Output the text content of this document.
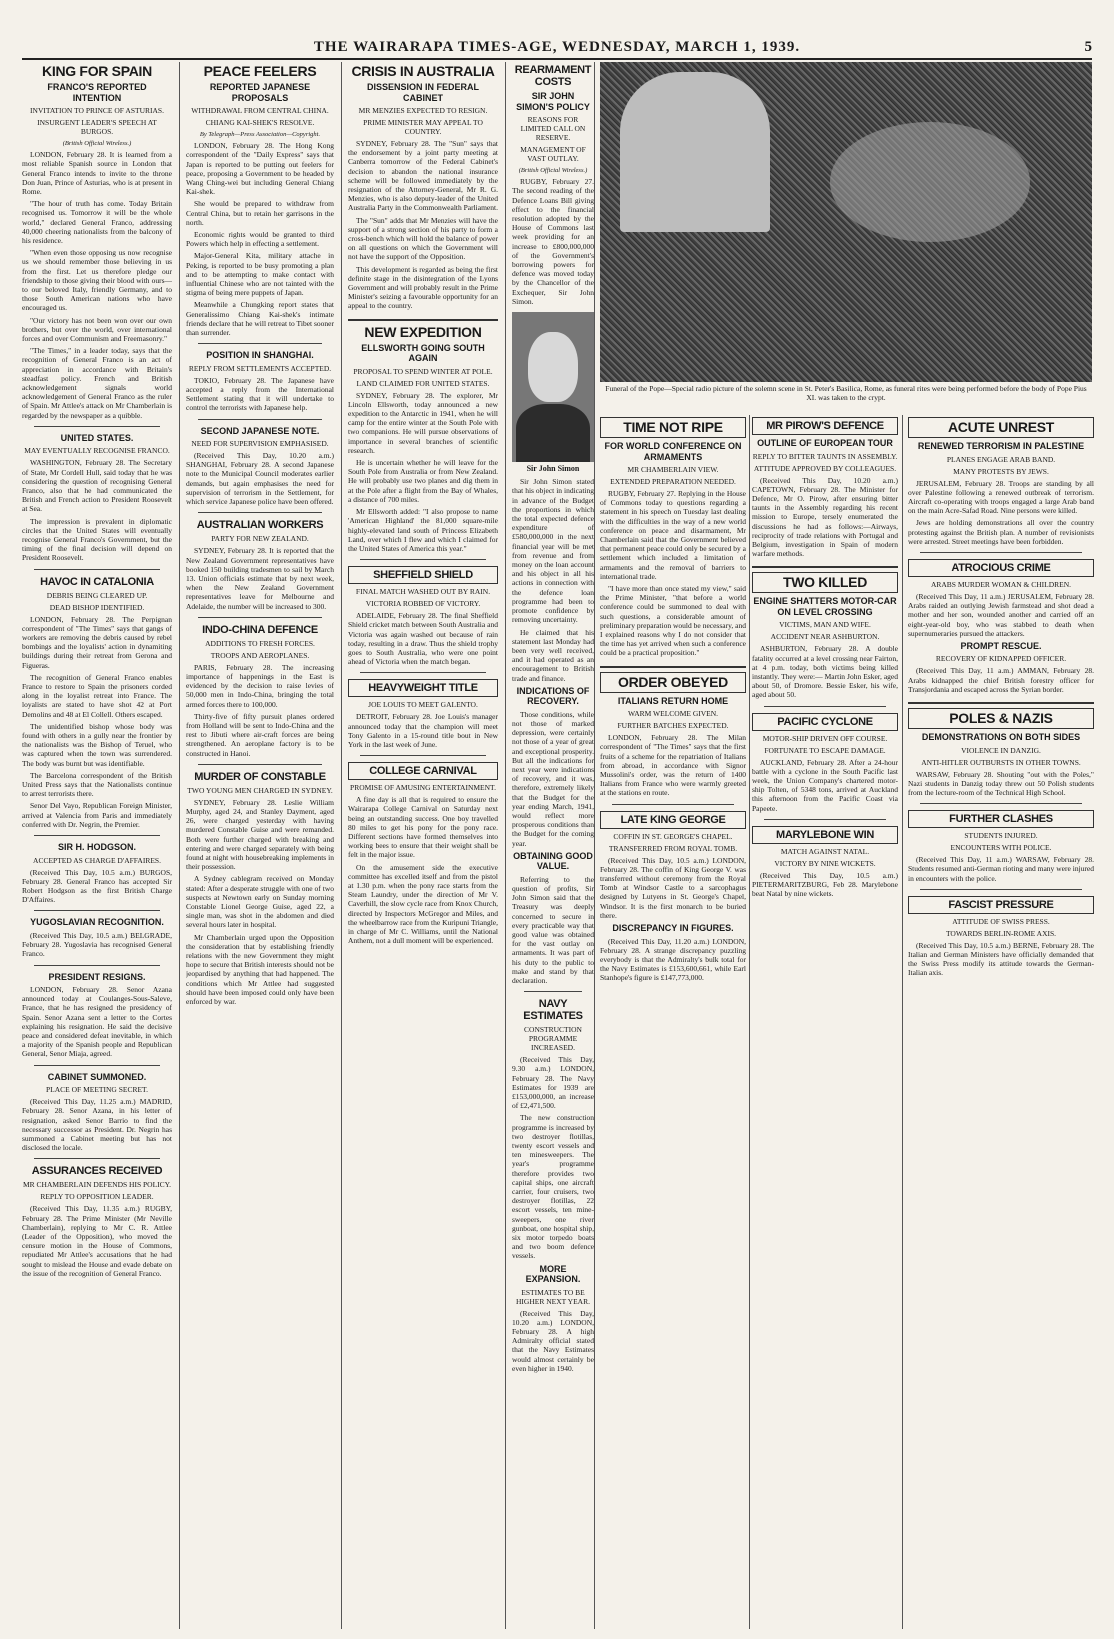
THE WAIRARAPA TIMES-AGE, WEDNESDAY, MARCH 1, 1939.	5
KING FOR SPAIN
FRANCO'S REPORTED INTENTION
INVITATION TO PRINCE OF ASTURIAS.
INSURGENT LEADER'S SPEECH AT BURGOS.
(British Official Wireless.)

LONDON, February 28. It is learned from a most reliable Spanish source in London that General Franco intends to invite to the throne Don Juan, Prince of Asturias, who is at present in Rome.

"The hour of truth has come. Today Britain recognised us. Tomorrow it will be the whole world," declared General Franco, addressing 40,000 cheering nationalists from the balcony of his residence.

"When even those opposing us now recognise us we should remember those believing in us from the first. Let us therefore pledge our friendship to those giving their blood with ours—to our beloved Italy, friendly Germany, and to those South American nations who have encouraged us.

"Our victory has not been won over our own brothers, but over the world, over international forces and over Communism and Freemasonry."

"The Times," in a leader today, says that the recognition of General Franco is an act of appreciation in accordance with Britain's steadfast policy. French and British acknowledgement signals world acknowledgement of General Franco as the ruler of Spain. Mr Attlee's attack on Mr Chamberlain is regarded by the newspaper as a quibble.

UNITED STATES.
MAY EVENTUALLY RECOGNISE FRANCO.

WASHINGTON, February 28. The Secretary of State, Mr Cordell Hull, said today that he was considering the question of recognising General Franco, also that he had communicated the British and French action to President Roosevelt at Sea.

The impression is prevalent in diplomatic circles that the United States will eventually recognise General Franco's Government, but the timing of the final decision will depend on President Roosevelt.

HAVOC IN CATALONIA
DEBRIS BEING CLEARED UP.
DEAD BISHOP IDENTIFIED.

LONDON, February 28. The Perpignan correspondent of "The Times" says that gangs of workers are removing the debris caused by rebel bombings and the loyalists' action in dynamiting buildings during their retreat from Gerona and Figueras.

The recognition of General Franco enables France to restore to Spain the prisoners corded along in the loyalist retreat into France. The loyalists are stated to have shot 42 at Port Demolins and 48 at El Collell. Others escaped.

The unidentified bishop whose body was found with others in a gully near the frontier by the nationalists was the Bishop of Teruel, who was captured when the town was surrendered. The body was burnt but was identifiable.

The Barcelona correspondent of the British United Press says that the Nationalists continue to arrest terrorists there.

Senor Del Vayo, Republican Foreign Minister, arrived at Valencia from Paris and immediately conferred with Dr. Negrin, the Premier.

SIR H. HODGSON.
ACCEPTED AS CHARGE D'AFFAIRES.

(Received This Day, 10.5 a.m.) BURGOS, February 28. General Franco has accepted Sir Robert Hodgson as the first British Charge D'Affaires.

YUGOSLAVIAN RECOGNITION.

(Received This Day, 10.5 a.m.) BELGRADE, February 28. Yugoslavia has recognised General Franco.

PRESIDENT RESIGNS.

LONDON, February 28. Senor Azana announced today at Coulanges-Sous-Saleve, France, that he has resigned the presidency of Spain. Senor Azana sent a letter to the Cortes explaining his resignation. He said the decisive peace and considered defeat inevitable, in which a majority of the Spanish people and Republican General, Senor Miaja, agreed.

CABINET SUMMONED.
PLACE OF MEETING SECRET.

(Received This Day, 11.25 a.m.) MADRID, February 28. Senor Azana, in his letter of resignation, asked Senor Barrio to find the necessary successor as President. Dr. Negrin has summoned a Cabinet meeting but has not disclosed the locale.

ASSURANCES RECEIVED
MR CHAMBERLAIN DEFENDS HIS POLICY.
REPLY TO OPPOSITION LEADER.

(Received This Day, 11.35 a.m.) RUGBY, February 28. The Prime Minister (Mr Neville Chamberlain), replying to Mr C. R. Attlee (Leader of the Opposition), who moved the censure motion in the House of Commons, repudiated Mr Attlee's accusations that he had sought to mislead the House and evade debate on the issue of the recognition of General Franco.

PEACE FEELERS
REPORTED JAPANESE PROPOSALS
WITHDRAWAL FROM CENTRAL CHINA.
CHIANG KAI-SHEK'S RESOLVE.
By Telegraph—Press Association—Copyright.

LONDON, February 28. The Hong Kong correspondent of the "Daily Express" says that Japan is reported to be putting out feelers for peace, proposing a Government to be headed by Wang Ching-wei but including General Chiang Kai-shek.

She would be prepared to withdraw from Central China, but to retain her garrisons in the north.

Economic rights would be granted to third Powers which help in effecting a settlement.

Major-General Kita, military attache in Peking, is reported to be busy promoting a plan and to be attempting to make contact with influential Chinese who are not tainted with the stigma of being mere puppets of Japan.

Meanwhile a Chungking report states that Generalissimo Chiang Kai-shek's intimate friends declare that he will retreat to Tibet sooner than surrender.

POSITION IN SHANGHAI.
REPLY FROM SETTLEMENTS ACCEPTED.

TOKIO, February 28. The Japanese have accepted a reply from the International Settlement stating that it will undertake to control the terrorists with Japanese help.

SECOND JAPANESE NOTE.
NEED FOR SUPERVISION EMPHASISED.

(Received This Day, 10.20 a.m.) SHANGHAI, February 28. A second Japanese note to the Municipal Council moderates earlier demands, but again emphasises the need for supervision of terrorism in the Settlement, for which service Japanese police have been offered.

AUSTRALIAN WORKERS
PARTY FOR NEW ZEALAND.

SYDNEY, February 28. It is reported that the New Zealand Government representatives have booked 150 building tradesmen to sail by March 13. Union officials estimate that by next week, when the New Zealand Government representatives leave for Melbourne and Adelaide, the number will be increased to 300.

INDO-CHINA DEFENCE
ADDITIONS TO FRESH FORCES.
TROOPS AND AEROPLANES.

PARIS, February 28. The increasing importance of happenings in the East is evidenced by the decision to raise levies of 50,000 men in Indo-China, bringing the total armed forces there to 100,000.

Thirty-five of fifty pursuit planes ordered from Holland will be sent to Indo-China and the rest to Jibuti where air-craft forces are being strengthened. An aeroplane factory is to be constructed in Hanoi.

MURDER OF CONSTABLE
TWO YOUNG MEN CHARGED IN SYDNEY.

SYDNEY, February 28. Leslie William Murphy, aged 24, and Stanley Dayment, aged 26, were charged yesterday with having murdered Constable Guise and were remanded. Both were further charged with breaking and entering and were charged separately with being found at night with housebreaking implements in their possession.

A Sydney cablegram received on Monday stated: After a desperate struggle with one of two suspects at Newtown early on Sunday morning Constable Lionel George Guise, aged 22, a single man, was shot in the abdomen and died several hours later in hospital.

Mr Chamberlain urged upon the Opposition the consideration that by establishing friendly relations with the new Government they might hope to secure that British interests should not be jeopardised by anything that had happened. The conditions which Mr Attlee had suggested should have been imposed could only have been enforced by war.

CRISIS IN AUSTRALIA
DISSENSION IN FEDERAL CABINET
MR MENZIES EXPECTED TO RESIGN.
PRIME MINISTER MAY APPEAL TO COUNTRY.

SYDNEY, February 28. The "Sun" says that the endorsement by a joint party meeting at Canberra tomorrow of the Federal Cabinet's decision to abandon the national insurance scheme will be followed immediately by the resignation of the Attorney-General, Mr R. G. Menzies, who is also deputy-leader of the United Australia Party in the Commonwealth Parliament.

The "Sun" adds that Mr Menzies will have the support of a strong section of his party to form a cross-bench which will hold the balance of power on all questions on which the Government will not have the support of the Opposition.

This development is regarded as being the first definite stage in the disintegration of the Lyons Government and will probably result in the Prime Minister's seizing a favourable opportunity for an appeal to the country.

NEW EXPEDITION
ELLSWORTH GOING SOUTH AGAIN
PROPOSAL TO SPEND WINTER AT POLE.
LAND CLAIMED FOR UNITED STATES.

SYDNEY, February 28. The explorer, Mr Lincoln Ellsworth, today announced a new expedition to the Antarctic in 1941, when he will camp for the entire winter at the South Pole with two companions. He will pursue observations of importance in several branches of scientific research.

He is uncertain whether he will leave for the South Pole from Australia or from New Zealand. He will probably use two planes and dig them in at the Pole after a flight from the Bay of Whales, a distance of 700 miles.

Mr Ellsworth added: "I also propose to name 'American Highland' the 81,000 square-mile highly-elevated land south of Princess Elizabeth Land, over which I flew and which I claimed for the United States of America this year."

SHEFFIELD SHIELD
FINAL MATCH WASHED OUT BY RAIN.
VICTORIA ROBBED OF VICTORY.

ADELAIDE, February 28. The final Sheffield Shield cricket match between South Australia and Victoria was again washed out because of rain today, resulting in a draw. Thus the shield trophy goes to South Australia, who were one point ahead of Victoria when the match began.

HEAVYWEIGHT TITLE
JOE LOUIS TO MEET GALENTO.

DETROIT, February 28. Joe Louis's manager announced today that the champion will meet Tony Galento in a 15-round title bout in New York in the last week of June.

COLLEGE CARNIVAL
PROMISE OF AMUSING ENTERTAINMENT.

A fine day is all that is required to ensure the Wairarapa College Carnival on Saturday next being an outstanding success. One boy travelled 80 miles to get his pony for the pony race. Different sections have formed themselves into working bees to ensure that their weight shall be felt in the major issue.

On the amusement side the executive committee has excelled itself and from the pistol at 1.30 p.m. when the pony race starts from the Steam Laundry, under the direction of Mr V. Caverhill, the slow cycle race from Knox Church, directed by Inspectors McGregor and Miles, and the wheelbarrow race from the Kuripuni Triangle, in charge of Mr C. Williams, until the National Anthem, not a dull moment will be experienced.

REARMAMENT COSTS
SIR JOHN SIMON'S POLICY
REASONS FOR LIMITED CALL ON RESERVE.
MANAGEMENT OF VAST OUTLAY.
(British Official Wireless.)

RUGBY, February 27. The second reading of the Defence Loans Bill giving effect to the financial resolution adopted by the House of Commons last week providing for an increase to £800,000,000 of the Government's borrowing powers for defence was moved today by the Chancellor of the Exchequer, Sir John Simon.

Sir John Simon

Sir John Simon stated that his object in indicating in advance of the Budget the proportions in which the total expected defence expenditure of £580,000,000 in the next financial year will be met from revenue and from money on the loan account and his object in all his actions in connection with the defence loan programme had been to promote confidence by removing uncertainty.

He claimed that his statement last Monday had been very well received, and it had operated as an encouragement to British trade and finance.

INDICATIONS OF RECOVERY.

Those conditions, while not those of marked depression, were certainly not those of a year of great and exceptional prosperity. But all the indications for next year were indications of recovery, and it was, therefore, extremely likely that the Budget for the year ending March, 1941, would reflect more prosperous conditions than the Budget for the coming year.

OBTAINING GOOD VALUE.

Referring to the question of profits, Sir John Simon said that the Treasury was deeply concerned to secure in every practicable way that good value was obtained for the vast outlay on armaments. It was part of his duty to the public to make and stand by that declaration.

NAVY ESTIMATES
CONSTRUCTION PROGRAMME INCREASED.

(Received This Day, 9.30 a.m.) LONDON, February 28. The Navy Estimates for 1939 are £153,000,000, an increase of £2,471,500.

The new construction programme is increased by two destroyer flotillas, twenty escort vessels and ten minesweepers. The year's programme therefore provides two capital ships, one aircraft carrier, four cruisers, two destroyer flotillas, 22 escort vessels, ten mine-sweepers, one river gunboat, one hospital ship, six motor torpedo boats and two boom defence vessels.

MORE EXPANSION.
ESTIMATES TO BE HIGHER NEXT YEAR.

(Received This Day, 10.20 a.m.) LONDON, February 28. A high Admiralty official stated that the Navy Estimates would almost certainly be even higher in 1940.

Funeral of the Pope—Special radio picture of the solemn scene in St. Peter's Basilica, Rome, as funeral rites were being performed before the body of Pope Pius XI. was taken to the crypt.
TIME NOT RIPE
FOR WORLD CONFERENCE ON ARMAMENTS
MR CHAMBERLAIN VIEW.
EXTENDED PREPARATION NEEDED.

RUGBY, February 27. Replying in the House of Commons today to questions regarding a statement in his speech on Tuesday last dealing with the difficulties in the way of a new world conference on peace and disarmament, Mr Chamberlain said that the Government believed that permanent peace could only be secured by a settlement which included a limitation of armaments and the removal of barriers to international trade.

"I have more than once stated my view," said the Prime Minister, "that before a world conference could be summoned to deal with such questions, a considerable amount of preliminary preparation would be necessary, and I explained reasons why I do not consider that the time has yet arrived when such a conference could be a practical proposition."

ORDER OBEYED
ITALIANS RETURN HOME
WARM WELCOME GIVEN.
FURTHER BATCHES EXPECTED.

LONDON, February 28. The Milan correspondent of "The Times" says that the first fruits of a scheme for the repatriation of Italians from abroad, in accordance with Signor Mussolini's order, was the return of 1400 Italians from France who were warmly greeted at the stations en route.

LATE KING GEORGE
COFFIN IN ST. GEORGE'S CHAPEL.
TRANSFERRED FROM ROYAL TOMB.

(Received This Day, 10.5 a.m.) LONDON, February 28. The coffin of King George V. was transferred without ceremony from the Royal Tomb at Windsor Castle to a sarcophagus designed by Lutyens in St. George's Chapel, Windsor. It is the first monarch to be buried there.

DISCREPANCY IN FIGURES.

(Received This Day, 11.20 a.m.) LONDON, February 28. A strange discrepancy puzzling everybody is that the Admiralty's bulk total for the Navy Estimates is £153,600,661, while Earl Stanhope's figure is £147,773,000.

MR PIROW'S DEFENCE
OUTLINE OF EUROPEAN TOUR
REPLY TO BITTER TAUNTS IN ASSEMBLY.
ATTITUDE APPROVED BY COLLEAGUES.

(Received This Day, 10.20 a.m.) CAPETOWN, February 28. The Minister for Defence, Mr O. Pirow, after ensuring bitter taunts in the Assembly regarding his recent mission to Europe, tersely enumerated the discussions he had as follows:—Airways, reciprocity of trade relations with Portugal and Belgium, investigation in Spain of modern warfare methods.

TWO KILLED
ENGINE SHATTERS MOTOR-CAR ON LEVEL CROSSING
VICTIMS, MAN AND WIFE.
ACCIDENT NEAR ASHBURTON.

ASHBURTON, February 28. A double fatality occurred at a level crossing near Fairton, at 4 p.m. today, both victims being killed instantly. They were:— Martin John Esker, aged about 50, of Dromore. Bessie Esker, his wife, aged about 50.

PACIFIC CYCLONE
MOTOR-SHIP DRIVEN OFF COURSE.
FORTUNATE TO ESCAPE DAMAGE.

AUCKLAND, February 28. After a 24-hour battle with a cyclone in the South Pacific last week, the Union Company's chartered motor-ship Tolten, of 5348 tons, arrived at Auckland this afternoon from the Pacific Coast via Papeete.

MARYLEBONE WIN
MATCH AGAINST NATAL.
VICTORY BY NINE WICKETS.

(Received This Day, 10.5 a.m.) PIETERMARITZBURG, Feb 28. Marylebone beat Natal by nine wickets.

ACUTE UNREST
RENEWED TERRORISM IN PALESTINE
PLANES ENGAGE ARAB BAND.
MANY PROTESTS BY JEWS.

JERUSALEM, February 28. Troops are standing by all over Palestine following a renewed outbreak of terrorism. Aircraft co-operating with troops engaged a large Arab band on the main Acre-Safad Road. Nine persons were killed.

Jews are holding demonstrations all over the country protesting against the British plan. A number of revisionists were arrested. Street meetings have been forbidden.

ATROCIOUS CRIME
ARABS MURDER WOMAN & CHILDREN.

(Received This Day, 11 a.m.) JERUSALEM, February 28. Arabs raided an outlying Jewish farmstead and shot dead a mother and her son, wounded another and carried off an eight-year-old boy, who was stabbed to death when supernumeraries pursued the attackers.

PROMPT RESCUE.
RECOVERY OF KIDNAPPED OFFICER.

(Received This Day, 11 a.m.) AMMAN, February 28. Arabs kidnapped the chief British forestry officer for Transjordania and escaped across the Syrian border.

POLES & NAZIS
DEMONSTRATIONS ON BOTH SIDES
VIOLENCE IN DANZIG.
ANTI-HITLER OUTBURSTS IN OTHER TOWNS.

WARSAW, February 28. Shouting "out with the Poles," Nazi students in Danzig today threw out 50 Polish students from the lecture-room of the Technical High School.

FURTHER CLASHES
STUDENTS INJURED.
ENCOUNTERS WITH POLICE.

(Received This Day, 11 a.m.) WARSAW, February 28. Students resumed anti-German rioting and many were injured in encounters with the police.

FASCIST PRESSURE
ATTITUDE OF SWISS PRESS.
TOWARDS BERLIN-ROME AXIS.

(Received This Day, 10.5 a.m.) BERNE, February 28. The Italian and German Ministers have officially demanded that the Swiss Press modify its attitude towards the German-Italian axis.
